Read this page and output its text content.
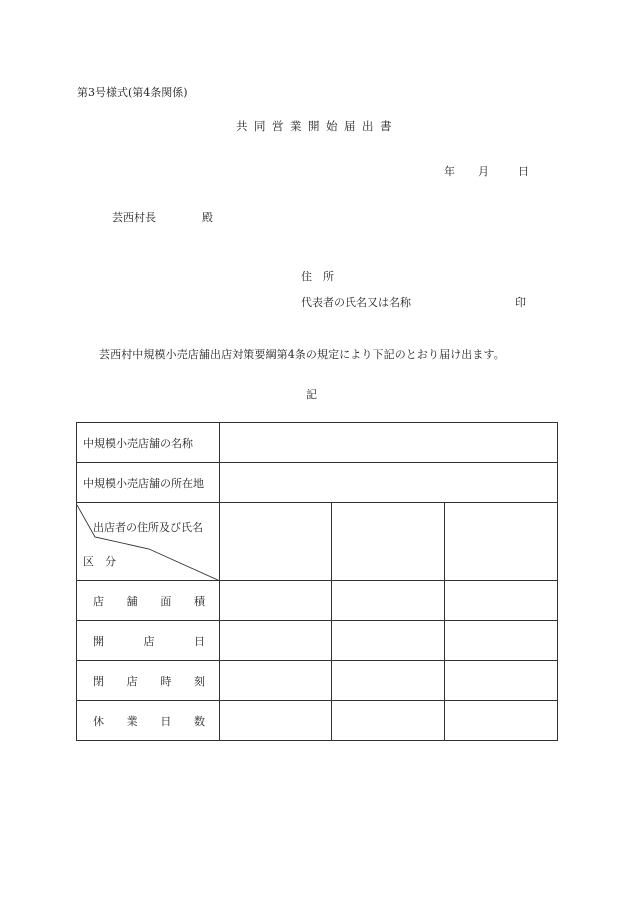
第3号様式(第4条関係)
共同営業開始届出書
年 月	日
芸西村長	殿
住　所
代表者の氏名又は名称	印
芸西村中規模小売店舗出店対策要綱第4条の規定により下記のとおり届け出ます。
記
中規模小売店舗の名称			
中規模小売店舗の所在地			

出店者の住所及び氏名
区　分			

店舗面積			
開店日			
閉店時刻			
休業日数			
